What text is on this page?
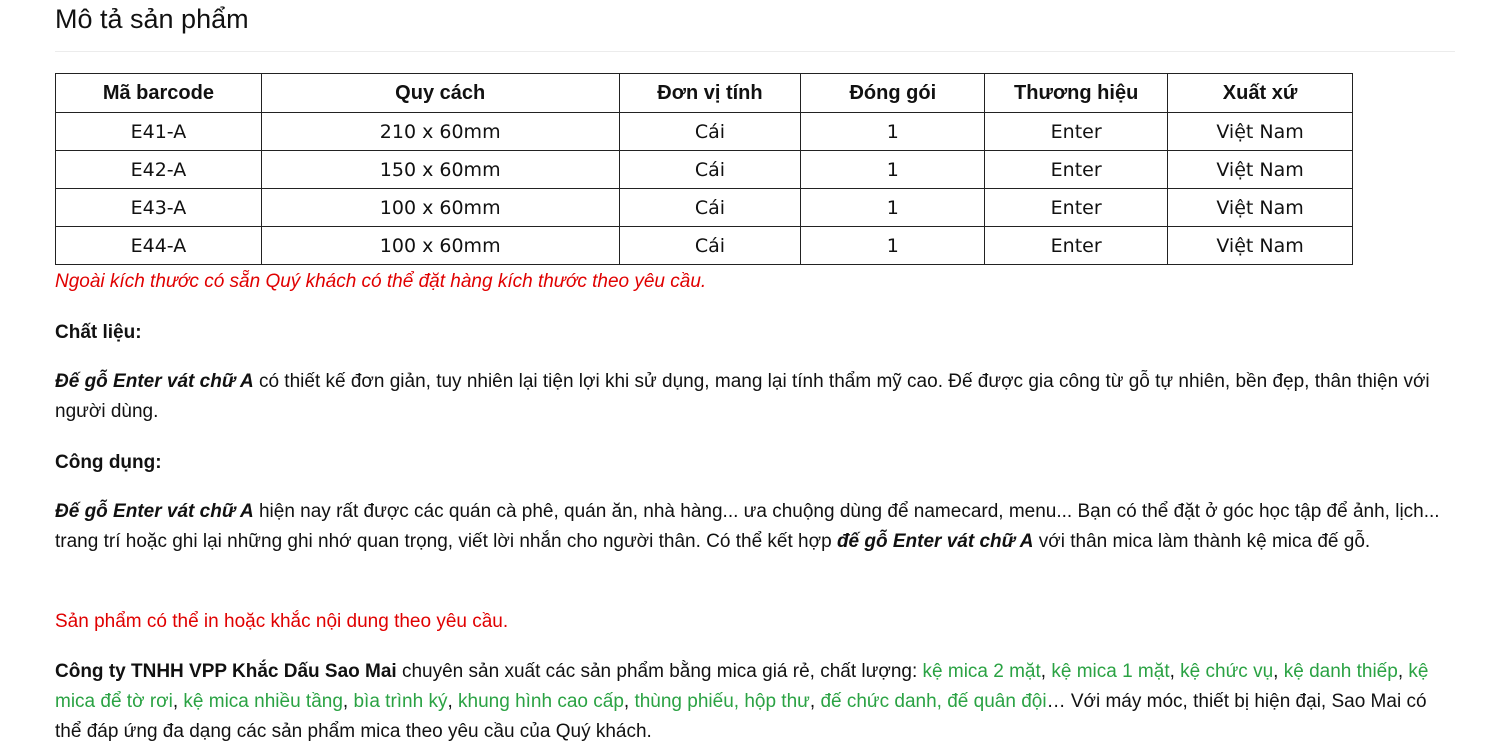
Mô tả sản phẩm
Mã barcode	Quy cách	Đơn vị tính	Đóng gói	Thương hiệu	Xuất xứ
E41-A	210 x 60mm	Cái	1	Enter	Việt Nam
E42-A	150 x 60mm	Cái	1	Enter	Việt Nam
E43-A	100 x 60mm	Cái	1	Enter	Việt Nam
E44-A	100 x 60mm	Cái	1	Enter	Việt Nam

Ngoài kích thước có sẵn Quý khách có thể đặt hàng kích thước theo yêu cầu.

Chất liệu:

Đế gỗ Enter vát chữ A có thiết kế đơn giản, tuy nhiên lại tiện lợi khi sử dụng, mang lại tính thẩm mỹ cao. Đế được gia công từ gỗ tự nhiên, bền đẹp, thân thiện với người dùng.

Công dụng:

Đế gỗ Enter vát chữ A hiện nay rất được các quán cà phê, quán ăn, nhà hàng... ưa chuộng dùng để namecard, menu... Bạn có thể đặt ở góc học tập để ảnh, lịch... trang trí hoặc ghi lại những ghi nhớ quan trọng, viết lời nhắn cho người thân. Có thể kết hợp đế gỗ Enter vát chữ A với thân mica làm thành kệ mica đế gỗ.

Sản phẩm có thể in hoặc khắc nội dung theo yêu cầu.

Công ty TNHH VPP Khắc Dấu Sao Mai chuyên sản xuất các sản phẩm bằng mica giá rẻ, chất lượng: kệ mica 2 mặt, kệ mica 1 mặt, kệ chức vụ, kệ danh thiếp, kệ mica để tờ rơi, kệ mica nhiều tầng, bìa trình ký, khung hình cao cấp, thùng phiếu, hộp thư, đế chức danh, đế quân đội… Với máy móc, thiết bị hiện đại, Sao Mai có thể đáp ứng đa dạng các sản phẩm mica theo yêu cầu của Quý khách.
